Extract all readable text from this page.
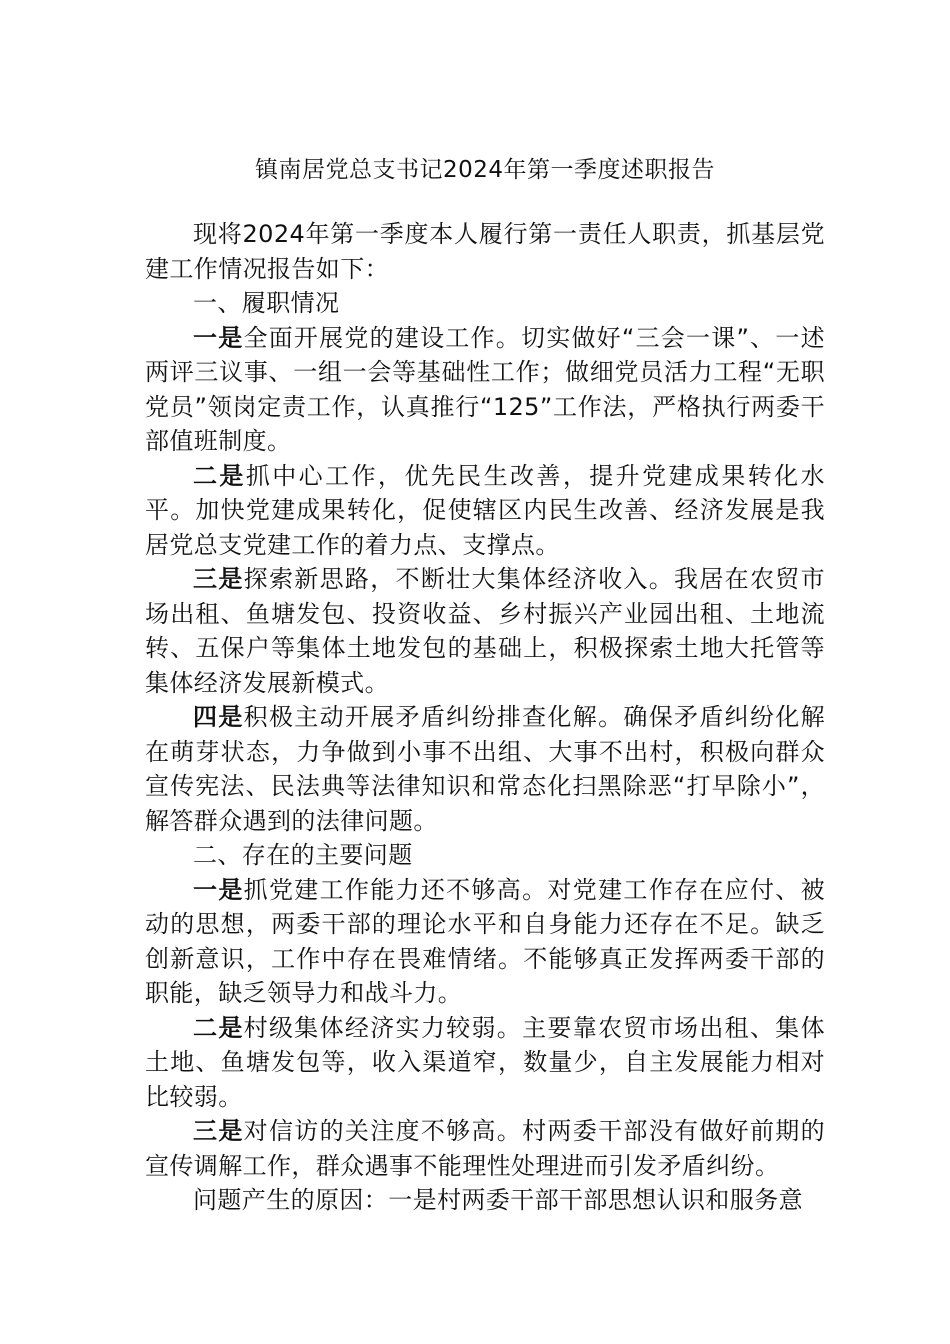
镇南居党总支书记2024年第一季度述职报告

现将2024年第一季度本人履行第一责任人职责，抓基层党建工作情况报告如下：

一、履职情况

一是全面开展党的建设工作。切实做好“三会一课”、一述两评三议事、一组一会等基础性工作；做细党员活力工程“无职党员”领岗定责工作，认真推行“125”工作法，严格执行两委干部值班制度。

二是抓中心工作，优先民生改善，提升党建成果转化水平。加快党建成果转化，促使辖区内民生改善、经济发展是我居党总支党建工作的着力点、支撑点。

三是探索新思路，不断壮大集体经济收入。我居在农贸市场出租、鱼塘发包、投资收益、乡村振兴产业园出租、土地流转、五保户等集体土地发包的基础上，积极探索土地大托管等集体经济发展新模式。

四是积极主动开展矛盾纠纷排查化解。确保矛盾纠纷化解在萌芽状态，力争做到小事不出组、大事不出村，积极向群众宣传宪法、民法典等法律知识和常态化扫黑除恶“打早除小”，解答群众遇到的法律问题。

二、存在的主要问题

一是抓党建工作能力还不够高。对党建工作存在应付、被动的思想，两委干部的理论水平和自身能力还存在不足。缺乏创新意识，工作中存在畏难情绪。不能够真正发挥两委干部的职能，缺乏领导力和战斗力。

二是村级集体经济实力较弱。主要靠农贸市场出租、集体土地、鱼塘发包等，收入渠道窄，数量少，自主发展能力相对比较弱。

三是对信访的关注度不够高。村两委干部没有做好前期的宣传调解工作，群众遇事不能理性处理进而引发矛盾纠纷。

问题产生的原因：一是村两委干部干部思想认识和服务意
